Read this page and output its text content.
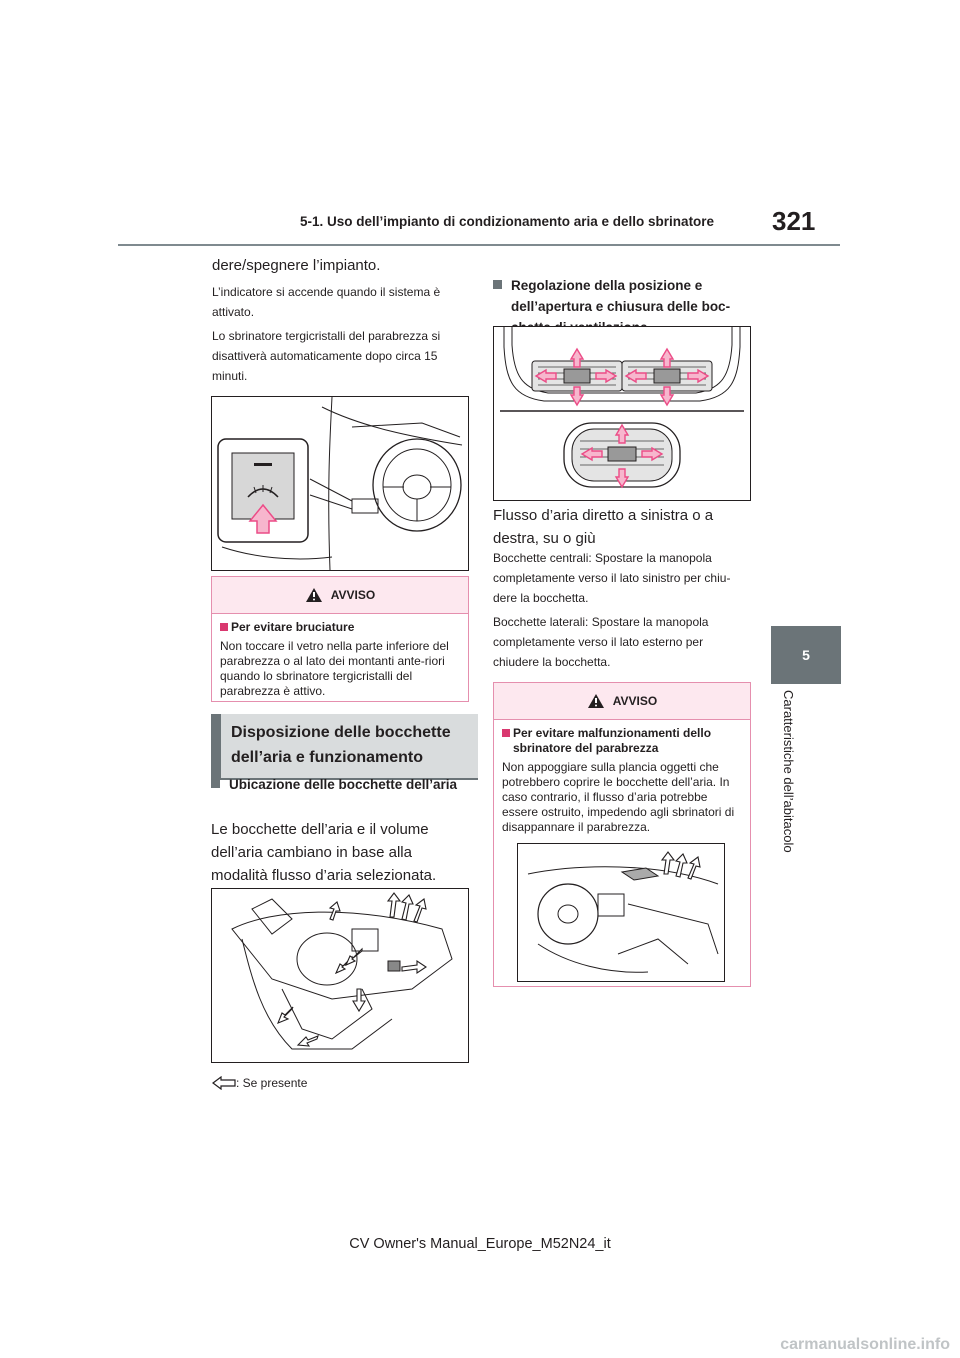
5-1. Uso dell’impianto di condizionamento aria e dello sbrinatore 321
5
Caratteristiche dell’abitacolo
dere/spegnere l’impianto.
L’indicatore si accende quando il sistema è attivato.
Lo sbrinatore tergicristalli del parabrezza si disattiverà automaticamente dopo circa 15 minuti.
AVVISO
Per evitare bruciature
Non toccare il vetro nella parte inferiore del parabrezza o al lato dei montanti ante-riori quando lo sbrinatore tergicristalli del parabrezza è attivo.
Disposizione delle bocchette dell’aria e funzionamento
Ubicazione delle bocchette dell’aria
Le bocchette dell’aria e il volume dell’aria cambiano in base alla modalità flusso d’aria selezionata.
: Se presente
Regolazione della posizione e dell’apertura e chiusura delle boc-
Flusso d’aria diretto a sinistra o a destra, su o giù
Bocchette centrali: Spostare la manopola completamente verso il lato sinistro per chiu-dere la bocchetta.
Bocchette laterali: Spostare la manopola completamente verso il lato esterno per chiudere la bocchetta.
AVVISO
Per evitare malfunzionamenti dello sbrinatore del parabrezza
Non appoggiare sulla plancia oggetti che potrebbero coprire le bocchette dell’aria. In caso contrario, il flusso d’aria potrebbe essere ostruito, impedendo agli sbrinatori di disappannare il parabrezza.
CV Owner's Manual_Europe_M52N24_it
carmanualsonline.info
